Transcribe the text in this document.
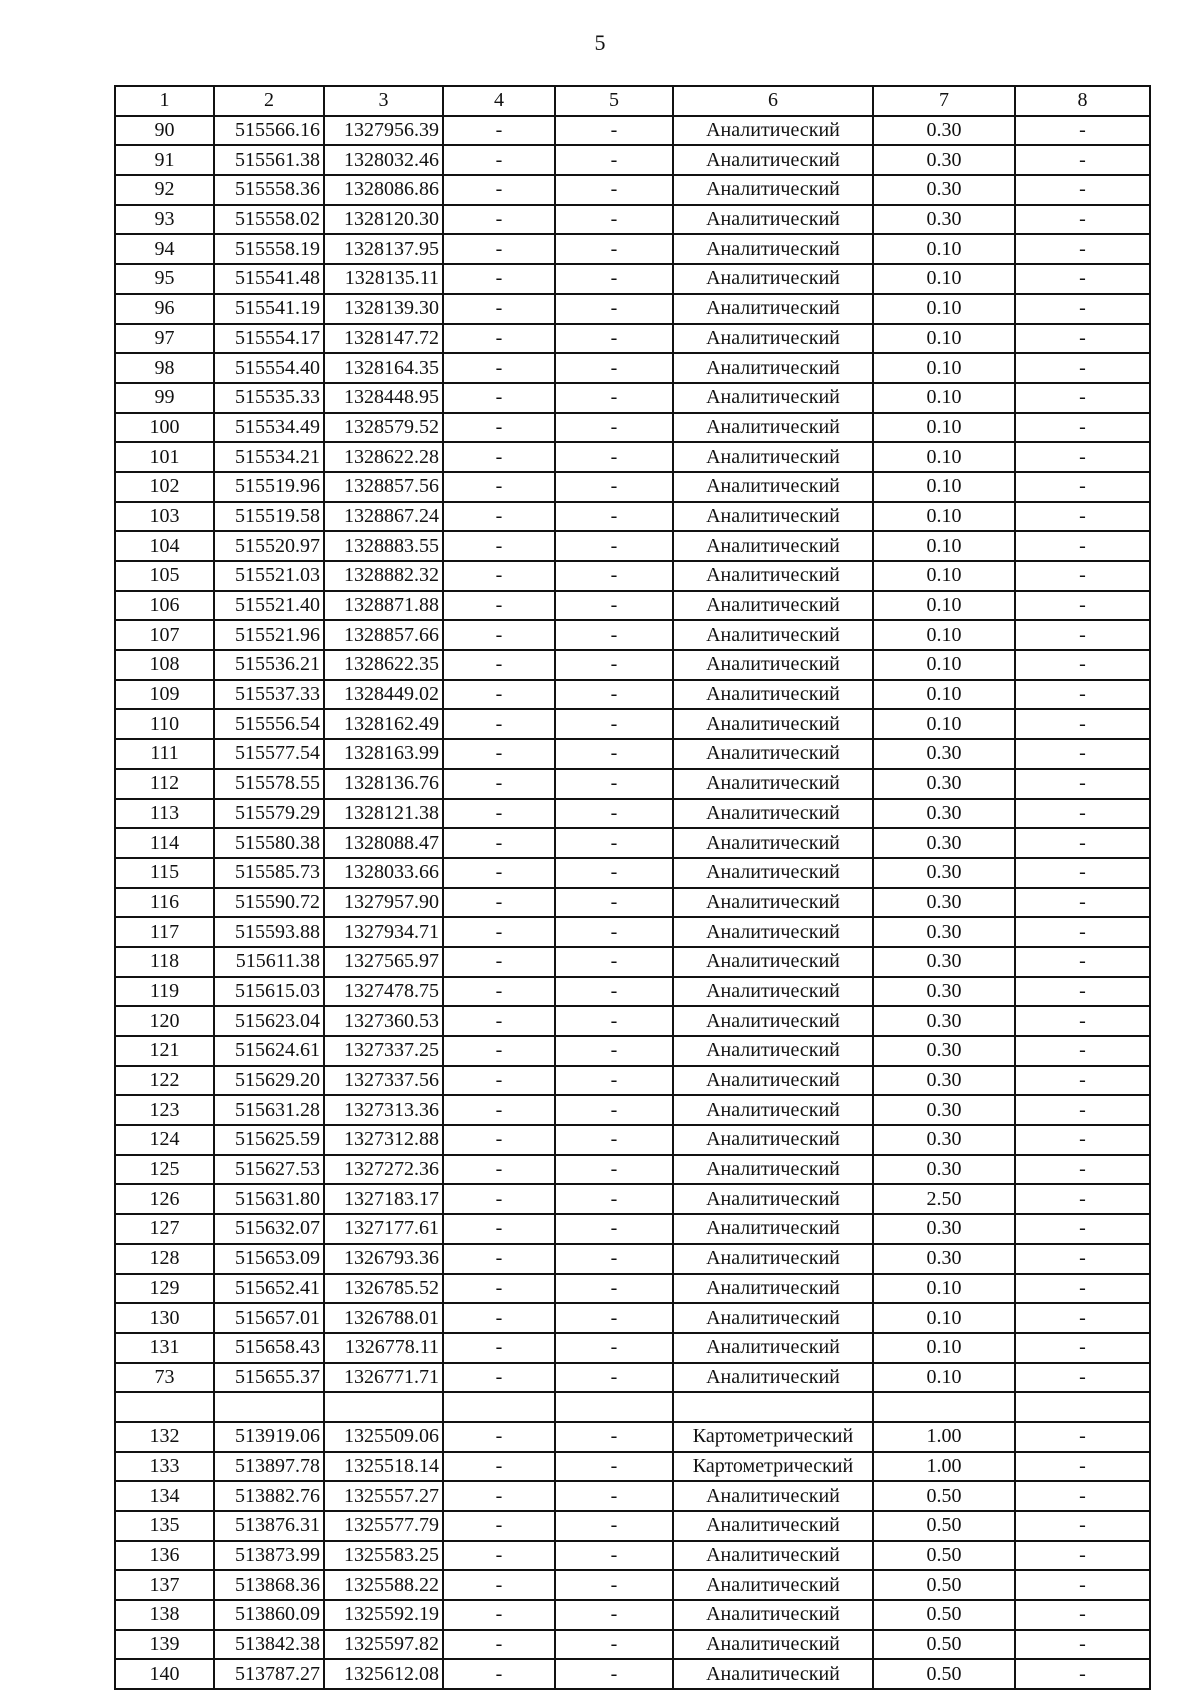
5
1	2	3	4	5	6	7	8
90	515566.16	1327956.39	-	-	Аналитический	0.30	-
91	515561.38	1328032.46	-	-	Аналитический	0.30	-
92	515558.36	1328086.86	-	-	Аналитический	0.30	-
93	515558.02	1328120.30	-	-	Аналитический	0.30	-
94	515558.19	1328137.95	-	-	Аналитический	0.10	-
95	515541.48	1328135.11	-	-	Аналитический	0.10	-
96	515541.19	1328139.30	-	-	Аналитический	0.10	-
97	515554.17	1328147.72	-	-	Аналитический	0.10	-
98	515554.40	1328164.35	-	-	Аналитический	0.10	-
99	515535.33	1328448.95	-	-	Аналитический	0.10	-
100	515534.49	1328579.52	-	-	Аналитический	0.10	-
101	515534.21	1328622.28	-	-	Аналитический	0.10	-
102	515519.96	1328857.56	-	-	Аналитический	0.10	-
103	515519.58	1328867.24	-	-	Аналитический	0.10	-
104	515520.97	1328883.55	-	-	Аналитический	0.10	-
105	515521.03	1328882.32	-	-	Аналитический	0.10	-
106	515521.40	1328871.88	-	-	Аналитический	0.10	-
107	515521.96	1328857.66	-	-	Аналитический	0.10	-
108	515536.21	1328622.35	-	-	Аналитический	0.10	-
109	515537.33	1328449.02	-	-	Аналитический	0.10	-
110	515556.54	1328162.49	-	-	Аналитический	0.10	-
111	515577.54	1328163.99	-	-	Аналитический	0.30	-
112	515578.55	1328136.76	-	-	Аналитический	0.30	-
113	515579.29	1328121.38	-	-	Аналитический	0.30	-
114	515580.38	1328088.47	-	-	Аналитический	0.30	-
115	515585.73	1328033.66	-	-	Аналитический	0.30	-
116	515590.72	1327957.90	-	-	Аналитический	0.30	-
117	515593.88	1327934.71	-	-	Аналитический	0.30	-
118	515611.38	1327565.97	-	-	Аналитический	0.30	-
119	515615.03	1327478.75	-	-	Аналитический	0.30	-
120	515623.04	1327360.53	-	-	Аналитический	0.30	-
121	515624.61	1327337.25	-	-	Аналитический	0.30	-
122	515629.20	1327337.56	-	-	Аналитический	0.30	-
123	515631.28	1327313.36	-	-	Аналитический	0.30	-
124	515625.59	1327312.88	-	-	Аналитический	0.30	-
125	515627.53	1327272.36	-	-	Аналитический	0.30	-
126	515631.80	1327183.17	-	-	Аналитический	2.50	-
127	515632.07	1327177.61	-	-	Аналитический	0.30	-
128	515653.09	1326793.36	-	-	Аналитический	0.30	-
129	515652.41	1326785.52	-	-	Аналитический	0.10	-
130	515657.01	1326788.01	-	-	Аналитический	0.10	-
131	515658.43	1326778.11	-	-	Аналитический	0.10	-
73	515655.37	1326771.71	-	-	Аналитический	0.10	-

132	513919.06	1325509.06	-	-	Картометрический	1.00	-
133	513897.78	1325518.14	-	-	Картометрический	1.00	-
134	513882.76	1325557.27	-	-	Аналитический	0.50	-
135	513876.31	1325577.79	-	-	Аналитический	0.50	-
136	513873.99	1325583.25	-	-	Аналитический	0.50	-
137	513868.36	1325588.22	-	-	Аналитический	0.50	-
138	513860.09	1325592.19	-	-	Аналитический	0.50	-
139	513842.38	1325597.82	-	-	Аналитический	0.50	-
140	513787.27	1325612.08	-	-	Аналитический	0.50	-
